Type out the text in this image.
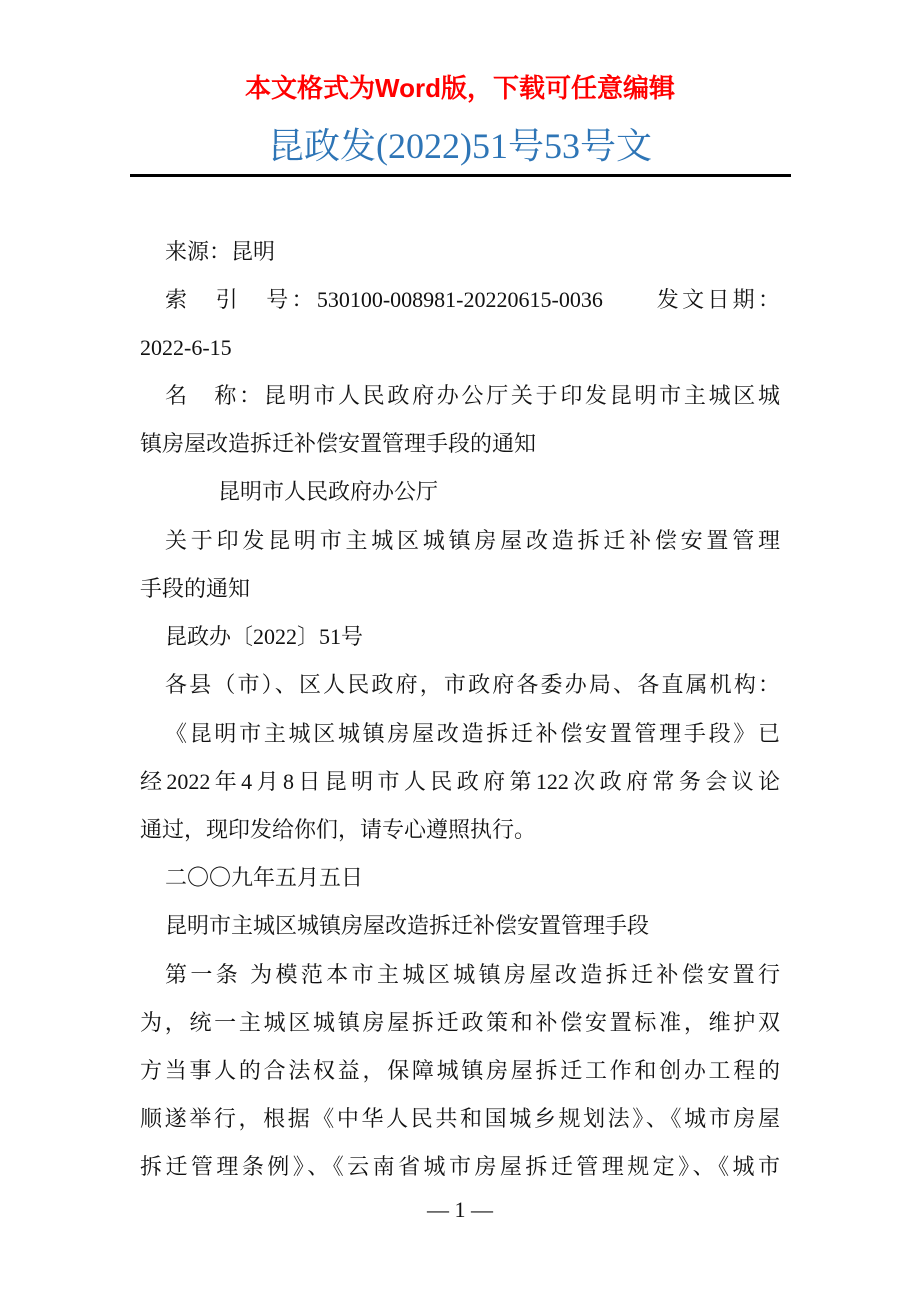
本文格式为Word版，下载可任意编辑
昆政发(2022)51号53号文
来源：昆明
索　引　号：530100-008981-20220615-0036　　发文日期：
2022-6-15
名　称：昆明市人民政府办公厅关于印发昆明市主城区城
镇房屋改造拆迁补偿安置管理手段的通知
昆明市人民政府办公厅
关于印发昆明市主城区城镇房屋改造拆迁补偿安置管理
手段的通知
昆政办〔2022〕51号
各县（市）、区人民政府，市政府各委办局、各直属机构：
《昆明市主城区城镇房屋改造拆迁补偿安置管理手段》已
经2022年4月8日昆明市人民政府第122次政府常务会议论
通过，现印发给你们，请专心遵照执行。
二〇〇九年五月五日
昆明市主城区城镇房屋改造拆迁补偿安置管理手段
第一条 为模范本市主城区城镇房屋改造拆迁补偿安置行
为，统一主城区城镇房屋拆迁政策和补偿安置标准，维护双
方当事人的合法权益，保障城镇房屋拆迁工作和创办工程的
顺遂举行，根据《中华人民共和国城乡规划法》、《城市房屋
拆迁管理条例》、《云南省城市房屋拆迁管理规定》、《城市
— 1 —
